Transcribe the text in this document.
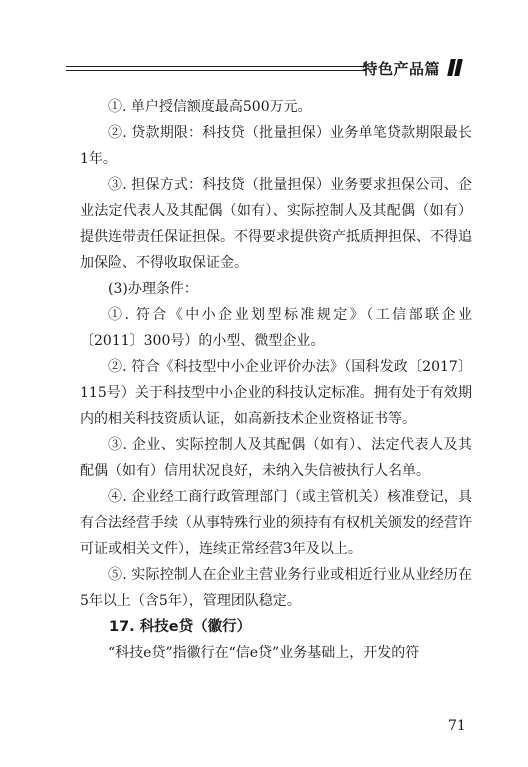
特色产品篇

①. 单户授信额度最高500万元。

②. 贷款期限：科技贷（批量担保）业务单笔贷款期限最长1年。

③. 担保方式：科技贷（批量担保）业务要求担保公司、企业法定代表人及其配偶（如有）、实际控制人及其配偶（如有）提供连带责任保证担保。不得要求提供资产抵质押担保、不得追加保险、不得收取保证金。

(3)办理条件：

①. 符合《中小企业划型标准规定》（工信部联企业〔2011〕300号）的小型、微型企业。

②. 符合《科技型中小企业评价办法》（国科发政〔2017〕115号）关于科技型中小企业的科技认定标准。拥有处于有效期内的相关科技资质认证，如高新技术企业资格证书等。

③. 企业、实际控制人及其配偶（如有）、法定代表人及其配偶（如有）信用状况良好，未纳入失信被执行人名单。

④. 企业经工商行政管理部门（或主管机关）核准登记，具有合法经营手续（从事特殊行业的须持有有权机关颁发的经营许可证或相关文件），连续正常经营3年及以上。

⑤. 实际控制人在企业主营业务行业或相近行业从业经历在5年以上（含5年），管理团队稳定。

17. 科技e贷（徽行）

“科技e贷”指徽行在“信e贷”业务基础上，开发的符

71
